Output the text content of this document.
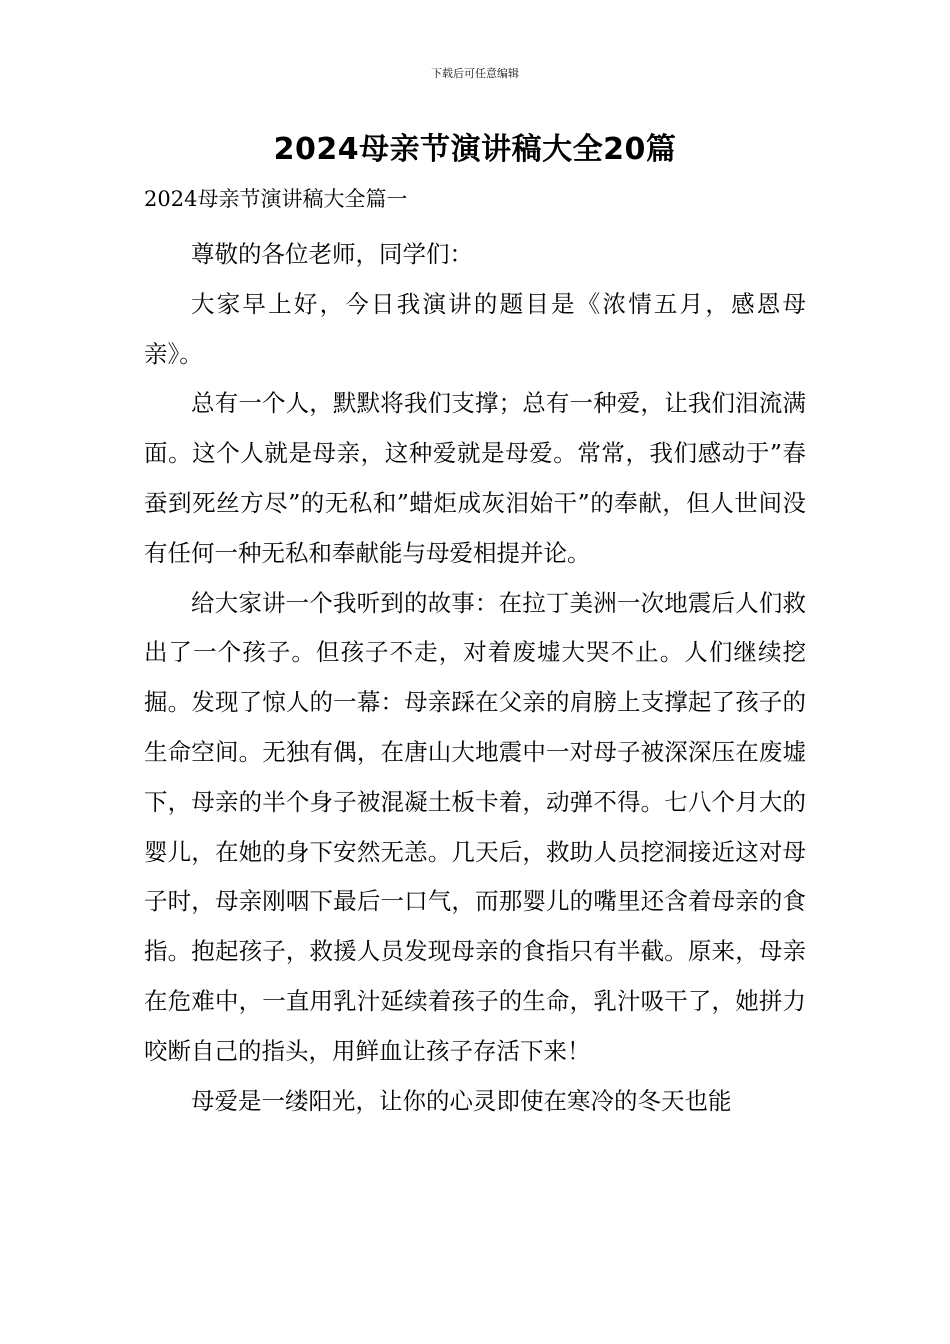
下载后可任意编辑
2024母亲节演讲稿大全20篇
2024母亲节演讲稿大全篇一

尊敬的各位老师，同学们：

大家早上好，今日我演讲的题目是《浓情五月，感恩母亲》。

总有一个人，默默将我们支撑；总有一种爱，让我们泪流满面。这个人就是母亲，这种爱就是母爱。常常，我们感动于”春蚕到死丝方尽”的无私和”蜡炬成灰泪始干”的奉献，但人世间没有任何一种无私和奉献能与母爱相提并论。

给大家讲一个我听到的故事：在拉丁美洲一次地震后人们救出了一个孩子。但孩子不走，对着废墟大哭不止。人们继续挖掘。发现了惊人的一幕：母亲踩在父亲的肩膀上支撑起了孩子的生命空间。无独有偶，在唐山大地震中一对母子被深深压在废墟下，母亲的半个身子被混凝土板卡着，动弹不得。七八个月大的婴儿，在她的身下安然无恙。几天后，救助人员挖洞接近这对母子时，母亲刚咽下最后一口气，而那婴儿的嘴里还含着母亲的食指。抱起孩子，救援人员发现母亲的食指只有半截。原来，母亲在危难中，一直用乳汁延续着孩子的生命，乳汁吸干了，她拼力咬断自己的指头，用鲜血让孩子存活下来！

母爱是一缕阳光，让你的心灵即使在寒冷的冬天也能
